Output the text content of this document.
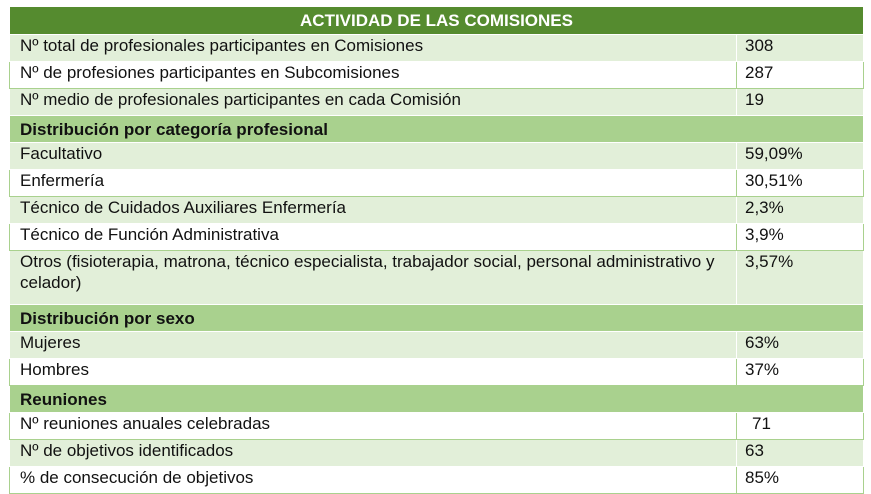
ACTIVIDAD DE LAS COMISIONES	
Nº total de profesionales participantes en Comisiones	308
Nº de profesiones participantes en Subcomisiones	287
Nº medio de profesionales participantes en cada Comisión	19
Distribución por categoría profesional	
Facultativo	59,09%
Enfermería	30,51%
Técnico de Cuidados Auxiliares Enfermería	2,3%
Técnico de Función Administrativa	3,9%
Otros (fisioterapia, matrona, técnico especialista, trabajador social, personal administrativo y celador)	3,57%
Distribución por sexo	
Mujeres	63%
Hombres	37%
Reuniones	
Nº reuniones anuales celebradas	71
Nº de objetivos identificados	63
% de consecución de objetivos	85%
